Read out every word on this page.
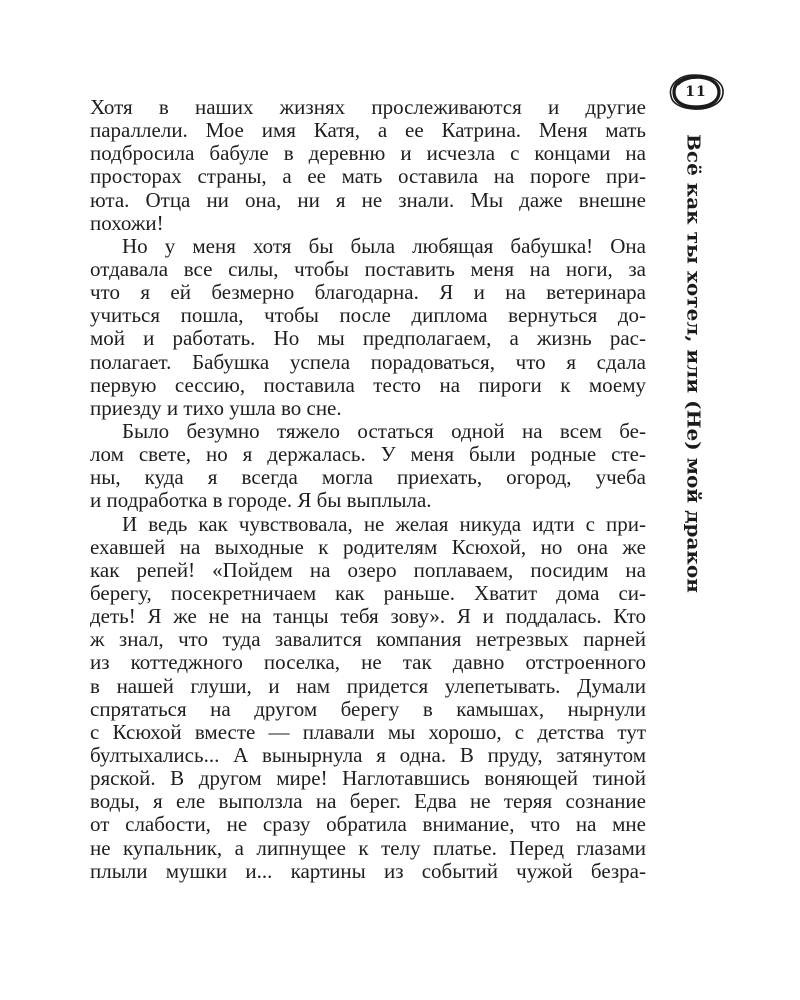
11
Всё как ты хотел, или (Не) мой дракон
Хотя в наших жизнях прослеживаются и другие
параллели. Мое имя Катя, а ее Катрина. Меня мать
подбросила бабуле в деревню и исчезла с концами на
просторах страны, а ее мать оставила на пороге при-
юта. Отца ни она, ни я не знали. Мы даже внешне
похожи!
Но у меня хотя бы была любящая бабушка! Она
отдавала все силы, чтобы поставить меня на ноги, за
что я ей безмерно благодарна. Я и на ветеринара
учиться пошла, чтобы после диплома вернуться до-
мой и работать. Но мы предполагаем, а жизнь рас-
полагает. Бабушка успела порадоваться, что я сдала
первую сессию, поставила тесто на пироги к моему
приезду и тихо ушла во сне.
Было безумно тяжело остаться одной на всем бе-
лом свете, но я держалась. У меня были родные сте-
ны, куда я всегда могла приехать, огород, учеба
и подработка в городе. Я бы выплыла.
И ведь как чувствовала, не желая никуда идти с при-
ехавшей на выходные к родителям Ксюхой, но она же
как репей! «Пойдем на озеро поплаваем, посидим на
берегу, посекретничаем как раньше. Хватит дома си-
деть! Я же не на танцы тебя зову». Я и поддалась. Кто
ж знал, что туда завалится компания нетрезвых парней
из коттеджного поселка, не так давно отстроенного
в нашей глуши, и нам придется улепетывать. Думали
спрятаться на другом берегу в камышах, нырнули
с Ксюхой вместе — плавали мы хорошо, с детства тут
бултыхались... А вынырнула я одна. В пруду, затянутом
ряской. В другом мире! Наглотавшись воняющей тиной
воды, я еле выползла на берег. Едва не теряя сознание
от слабости, не сразу обратила внимание, что на мне
не купальник, а липнущее к телу платье. Перед глазами
плыли мушки и... картины из событий чужой безра-
